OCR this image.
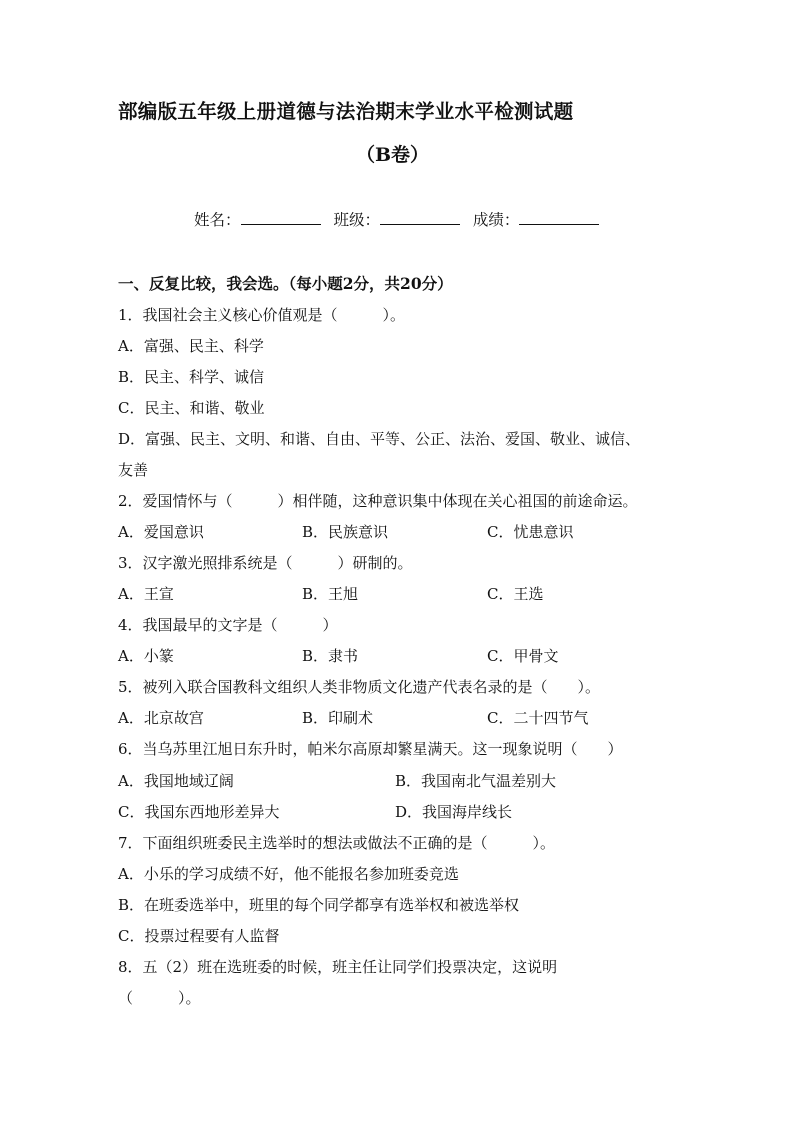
部编版五年级上册道德与法治期末学业水平检测试题
（B卷）
姓名：	班级：	成绩：
一、反复比较，我会选。（每小题2分，共20分）
1．我国社会主义核心价值观是（　　　）。
A．富强、民主、科学
B．民主、科学、诚信
C．民主、和谐、敬业
D．富强、民主、文明、和谐、自由、平等、公正、法治、爱国、敬业、诚信、
友善
2．爱国情怀与（　　　）相伴随，这种意识集中体现在关心祖国的前途命运。
A．爱国意识	B．民族意识	C．忧患意识
3．汉字激光照排系统是（　　　）研制的。
A．王宣	B．王旭	C．王选
4．我国最早的文字是（　　　）
A．小篆	B．隶书	C．甲骨文
5．被列入联合国教科文组织人类非物质文化遗产代表名录的是（　　）。
A．北京故宫	B．印刷术	C．二十四节气
6．当乌苏里江旭日东升时，帕米尔高原却繁星满天。这一现象说明（　　）
A．我国地域辽阔	B．我国南北气温差别大
C．我国东西地形差异大	D．我国海岸线长
7．下面组织班委民主选举时的想法或做法不正确的是（　　　）。
A．小乐的学习成绩不好，他不能报名参加班委竞选
B．在班委选举中，班里的每个同学都享有选举权和被选举权
C．投票过程要有人监督
8．五（2）班在选班委的时候，班主任让同学们投票决定，这说明
（　　　）。
